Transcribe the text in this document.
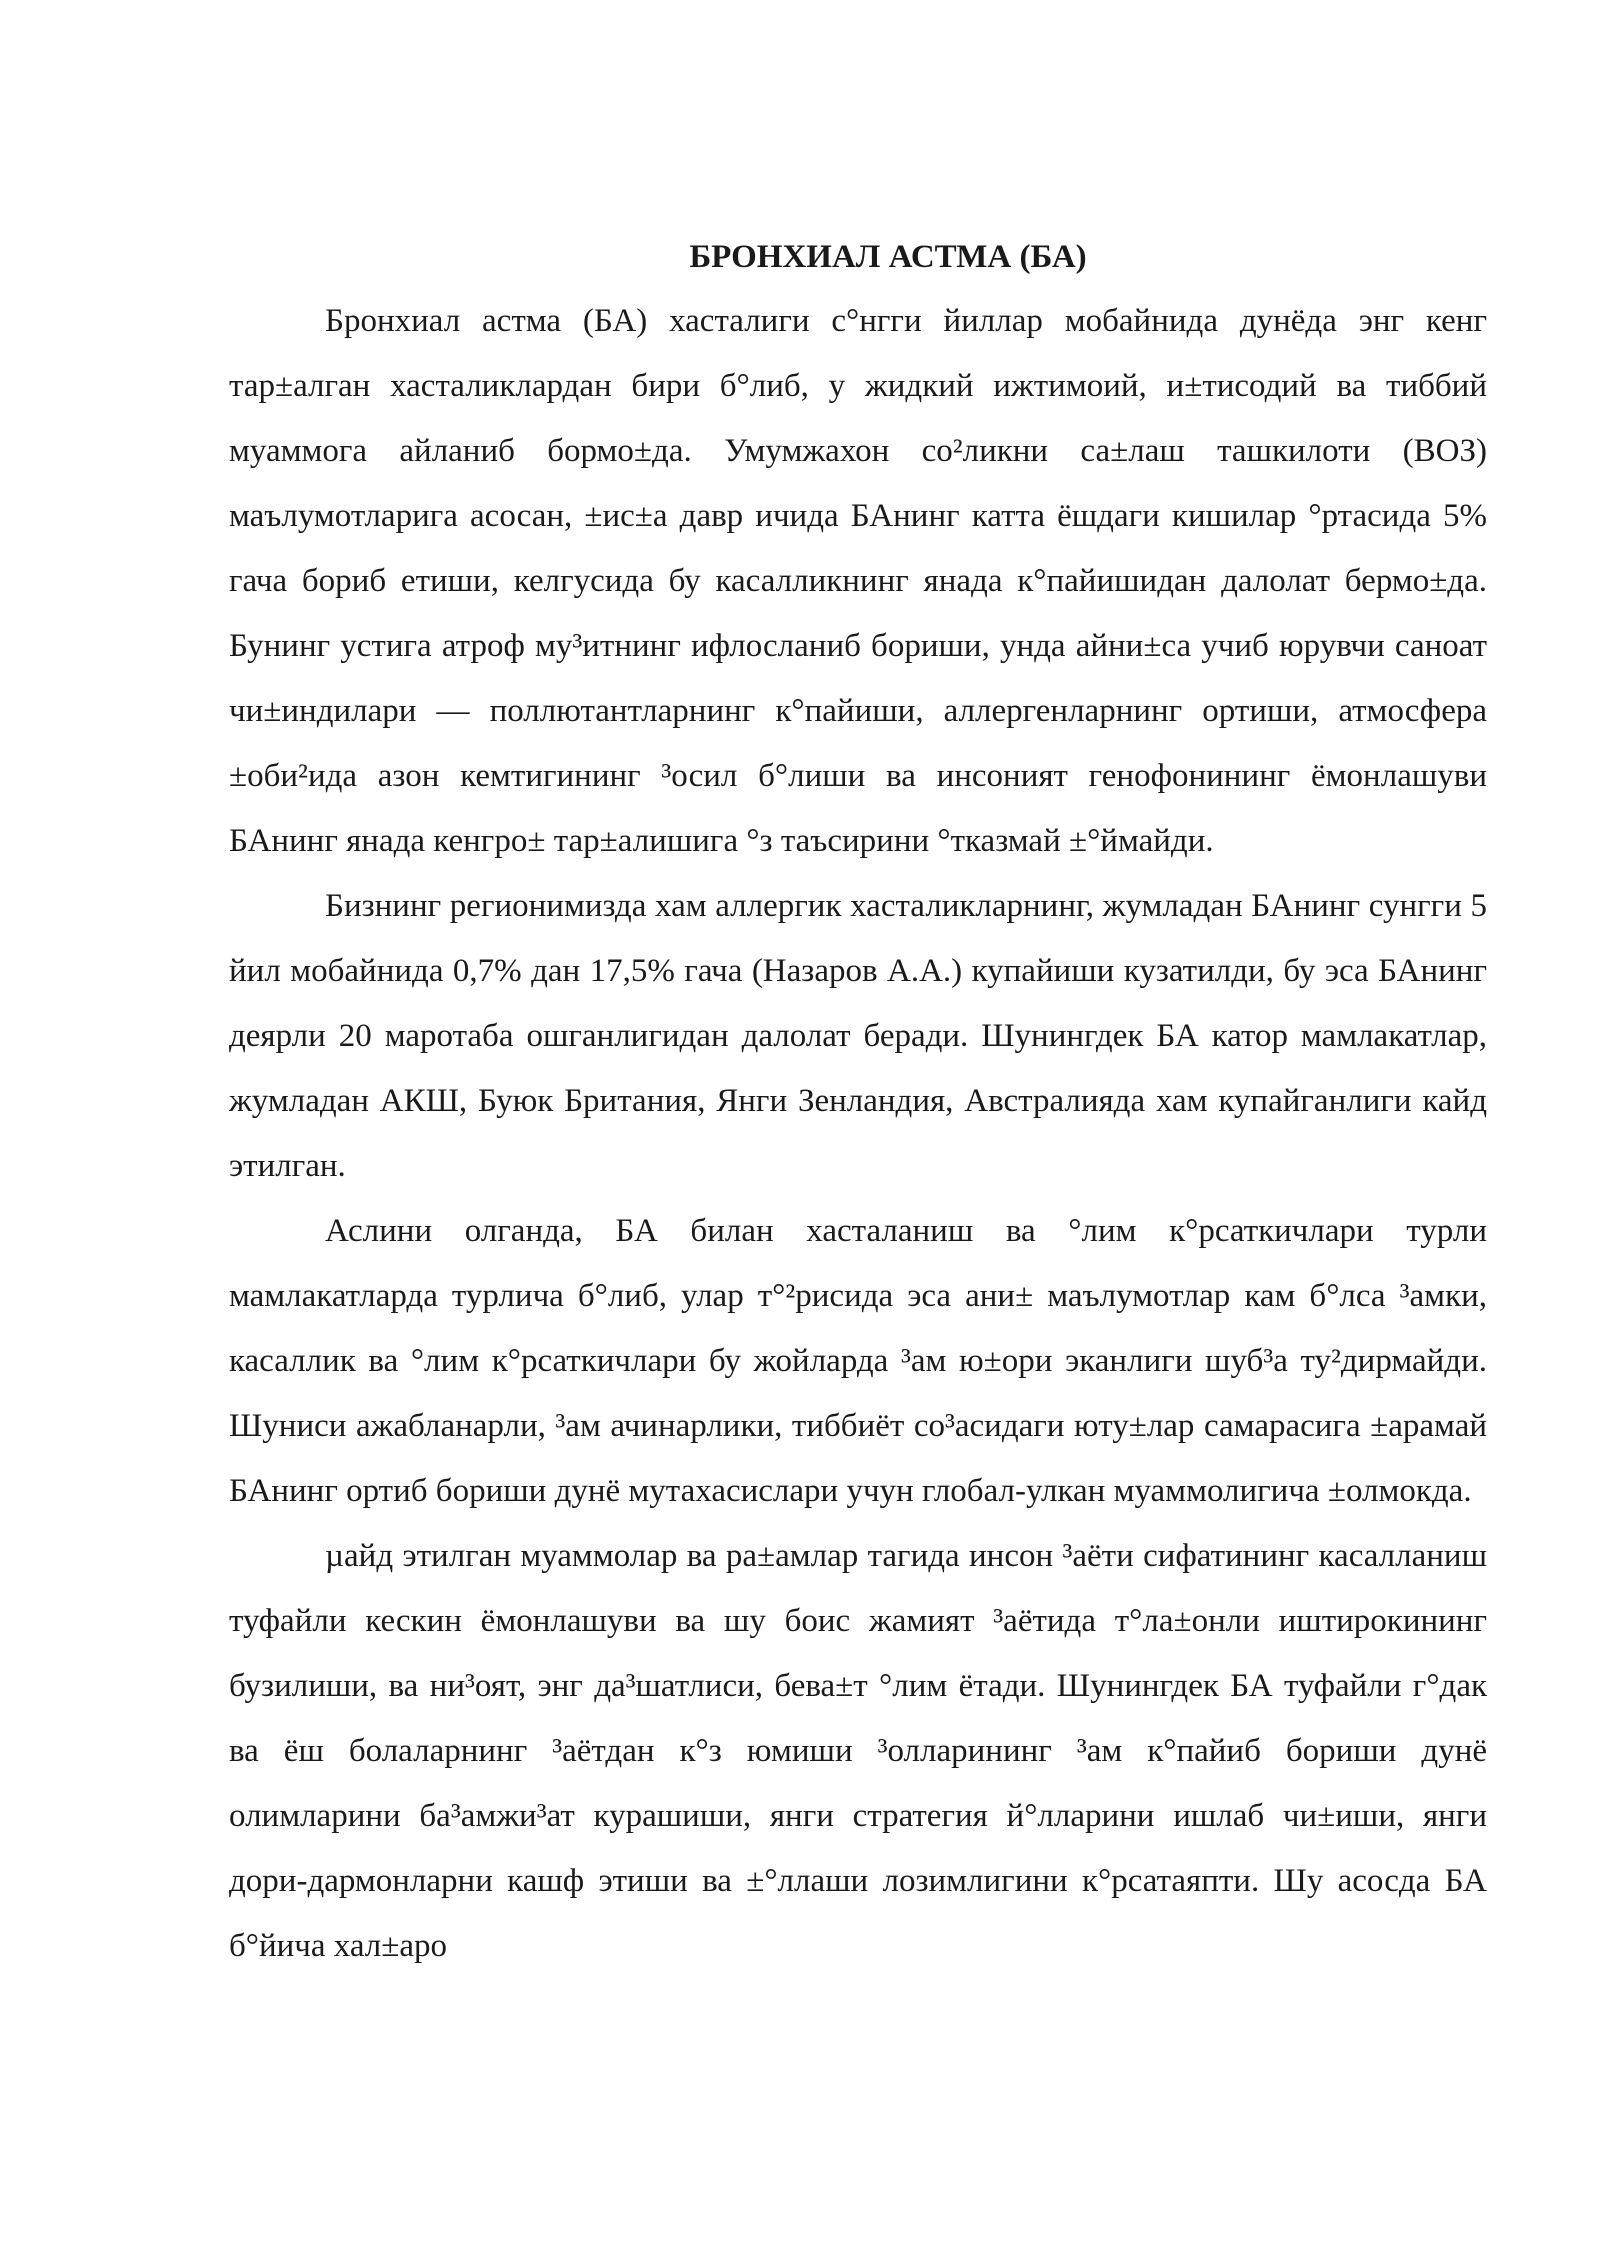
БРОНХИАЛ АСТМА (БА)

Бронхиал астма (БА) хасталиги с°нгги йиллар мобайнида дунёда энг кенг тар±алган хасталиклардан бири б°либ, у жидкий ижтимоий, и±тисодий ва тиббий муаммога айланиб бормо±да. Умумжахон со²ликни са±лаш ташкилоти (ВОЗ) маълумотларига асосан, ±ис±а давр ичида БАнинг катта ёшдаги кишилар °ртасида 5% гача бориб етиши, келгусида бу касалликнинг янада к°пайишидан далолат бермо±да. Бунинг устига атроф му³итнинг ифлосланиб бориши, унда айни±са учиб юрувчи саноат чи±индилари — поллютантларнинг к°пайиши, аллергенларнинг ортиши, атмосфера ±оби²ида азон кемтигининг ³осил б°лиши ва инсоният генофонининг ёмонлашуви БАнинг янада кенгро± тар±алишига °з таъсирини °тказмай ±°ймайди.

Бизнинг регионимизда хам аллергик хасталикларнинг, жумладан БАнинг сунгги 5 йил мобайнида 0,7% дан 17,5% гача (Назаров А.А.) купайиши кузатилди, бу эса БАнинг деярли 20 маротаба ошганлигидан далолат беради. Шунингдек БА катор мамлакатлар, жумладан АКШ, Буюк Британия, Янги Зенландия, Австралияда хам купайганлиги кайд этилган.

Аслини олганда, БА билан хасталаниш ва °лим к°рсаткичлари турли мамлакатларда турлича б°либ, улар т°²рисида эса ани± маълумотлар кам б°лса ³амки, касаллик ва °лим к°рсаткичлари бу жойларда ³ам ю±ори эканлиги шуб³а ту²дирмайди. Шуниси ажабланарли, ³ам ачинарлики, тиббиёт со³асидаги юту±лар самарасига ±арамай БАнинг ортиб бориши дунё мутахасислари учун глобал-улкан муаммолигича ±олмокда.

µайд этилган муаммолар ва ра±амлар тагида инсон ³аёти сифатининг касалланиш туфайли кескин ёмонлашуви ва шу боис жамият ³аётида т°ла±онли иштирокининг бузилиши, ва ни³оят, энг да³шатлиси, бева±т °лим ётади. Шунингдек БА туфайли г°дак ва ёш болаларнинг ³аётдан к°з юмиши ³олларининг ³ам к°пайиб бориши дунё олимларини ба³амжи³ат курашиши, янги стратегия й°лларини ишлаб чи±иши, янги дори-дармонларни кашф этиши ва ±°ллаши лозимлигини к°рсатаяпти. Шу асосда БА б°йича хал±аро
